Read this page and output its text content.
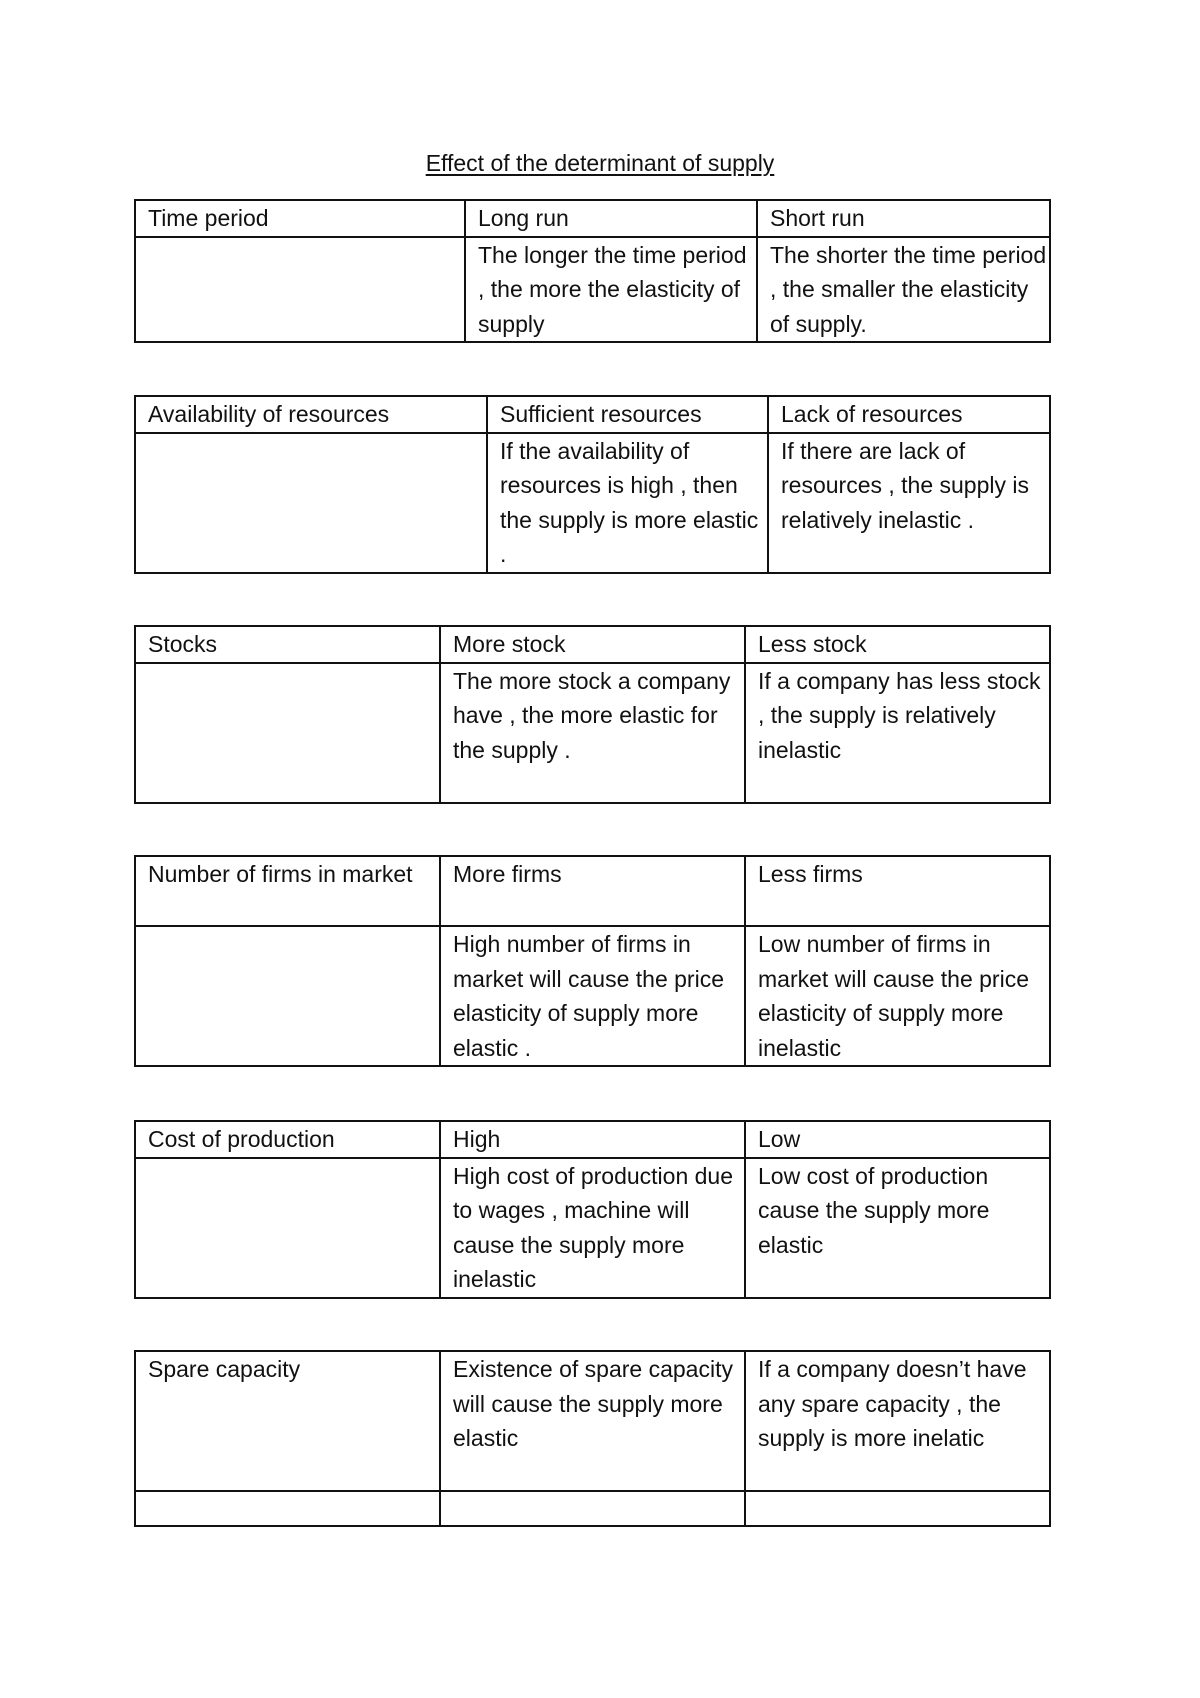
Effect of the determinant of supply
Time period	Long run	Short run
	The longer the time period , the more the elasticity of supply	The shorter the time period , the smaller the elasticity of supply.
Availability of resources	Sufficient resources	Lack of resources
	If the availability of resources is high , then the supply is more elastic .	If there are lack of resources , the supply is relatively inelastic .
Stocks	More stock	Less stock
	The more stock a company have , the more elastic for the supply .	If a company has less stock , the supply is relatively inelastic
Number of firms in market	More firms	Less firms
	High number of firms in market will cause the price elasticity of supply more elastic .	Low number of firms in market will cause the price elasticity of supply more inelastic
Cost of production	High	Low
	High cost of production due to wages , machine will cause the supply more inelastic	Low cost of production cause the supply more elastic
Spare capacity	Existence of spare capacity will cause the supply more elastic	If a company doesn’t have any spare capacity , the supply is more inelatic
